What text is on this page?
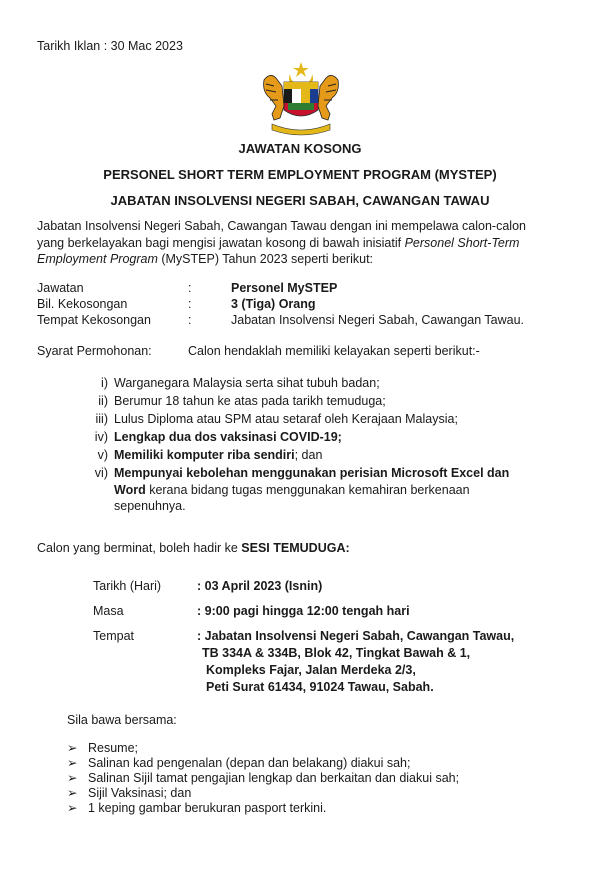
Tarikh Iklan : 30 Mac 2023
JAWATAN KOSONG
PERSONEL SHORT TERM EMPLOYMENT PROGRAM (MYSTEP)
JABATAN INSOLVENSI NEGERI SABAH, CAWANGAN TAWAU
Jabatan Insolvensi Negeri Sabah, Cawangan Tawau dengan ini mempelawa calon-calon
yang berkelayakan bagi mengisi jawatan kosong di bawah inisiatif Personel Short-Term
Employment Program (MySTEP) Tahun 2023 seperti berikut:
Jawatan	:	Personel MySTEP
Bil. Kekosongan	:	3 (Tiga) Orang
Tempat Kekosongan	:	Jabatan Insolvensi Negeri Sabah, Cawangan Tawau.
Syarat Permohonan:	Calon hendaklah memiliki kelayakan seperti berikut:-
i) Warganegara Malaysia serta sihat tubuh badan;
ii) Berumur 18 tahun ke atas pada tarikh temuduga;
iii) Lulus Diploma atau SPM atau setaraf oleh Kerajaan Malaysia;
iv) Lengkap dua dos vaksinasi COVID-19;
v) Memiliki komputer riba sendiri; dan
vi) Mempunyai kebolehan menggunakan perisian Microsoft Excel dan
Word kerana bidang tugas menggunakan kemahiran berkenaan
sepenuhnya.
Calon yang berminat, boleh hadir ke SESI TEMUDUGA:
Tarikh (Hari)	: 03 April 2023 (Isnin)
Masa	: 9:00 pagi hingga 12:00 tengah hari
Tempat	: Jabatan Insolvensi Negeri Sabah, Cawangan Tawau,
TB 334A & 334B, Blok 42, Tingkat Bawah & 1,
Kompleks Fajar, Jalan Merdeka 2/3,
Peti Surat 61434, 91024 Tawau, Sabah.
Sila bawa bersama:
➢ Resume;
➢ Salinan kad pengenalan (depan dan belakang) diakui sah;
➢ Salinan Sijil tamat pengajian lengkap dan berkaitan dan diakui sah;
➢ Sijil Vaksinasi; dan
➢ 1 keping gambar berukuran pasport terkini.
